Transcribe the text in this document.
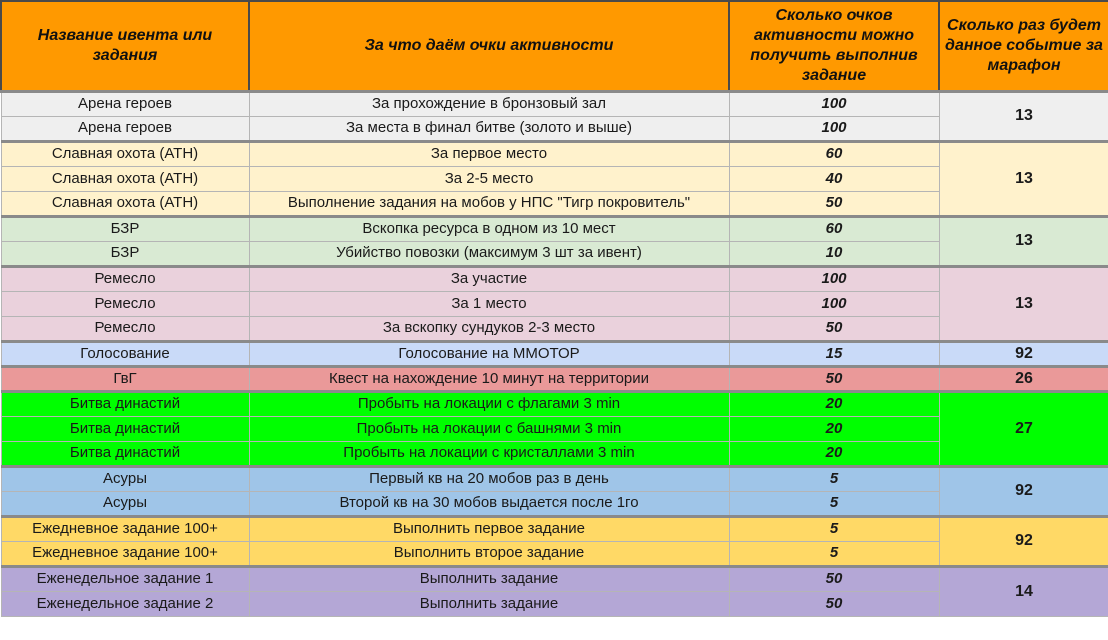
Название ивента или задания	За что даём очки активности	Сколько очков активности можно получить выполнив задание	Сколько раз будет данное событие за марафон
Арена героев	За прохождение в бронзовый зал	100	13
Арена героев	За места в финал битве (золото и выше)	100	
Славная охота (АТН)	За первое место	60	13
Славная охота (АТН)	За 2-5 место	40	
Славная охота (АТН)	Выполнение задания на мобов у НПС "Тигр покровитель"	50	
БЗР	Вскопка ресурса в одном из 10 мест	60	13
БЗР	Убийство повозки (максимум 3 шт за ивент)	10	
Ремесло	За участие	100	13
Ремесло	За 1 место	100	
Ремесло	За вскопку сундуков 2-3 место	50	
Голосование	Голосование на ММОТОР	15	92
ГвГ	Квест на нахождение 10 минут на территории	50	26
Битва династий	Пробыть на локации с флагами 3 min	20	27
Битва династий	Пробыть на локации с башнями 3 min	20	
Битва династий	Пробыть на локации с кристаллами 3 min	20	
Асуры	Первый кв на 20 мобов раз в день	5	92
Асуры	Второй кв на 30 мобов выдается после 1го	5	
Ежедневное задание 100+	Выполнить первое задание	5	92
Ежедневное задание 100+	Выполнить второе задание	5	
Еженедельное задание 1	Выполнить задание	50	14
Еженедельное задание 2	Выполнить задание	50	
